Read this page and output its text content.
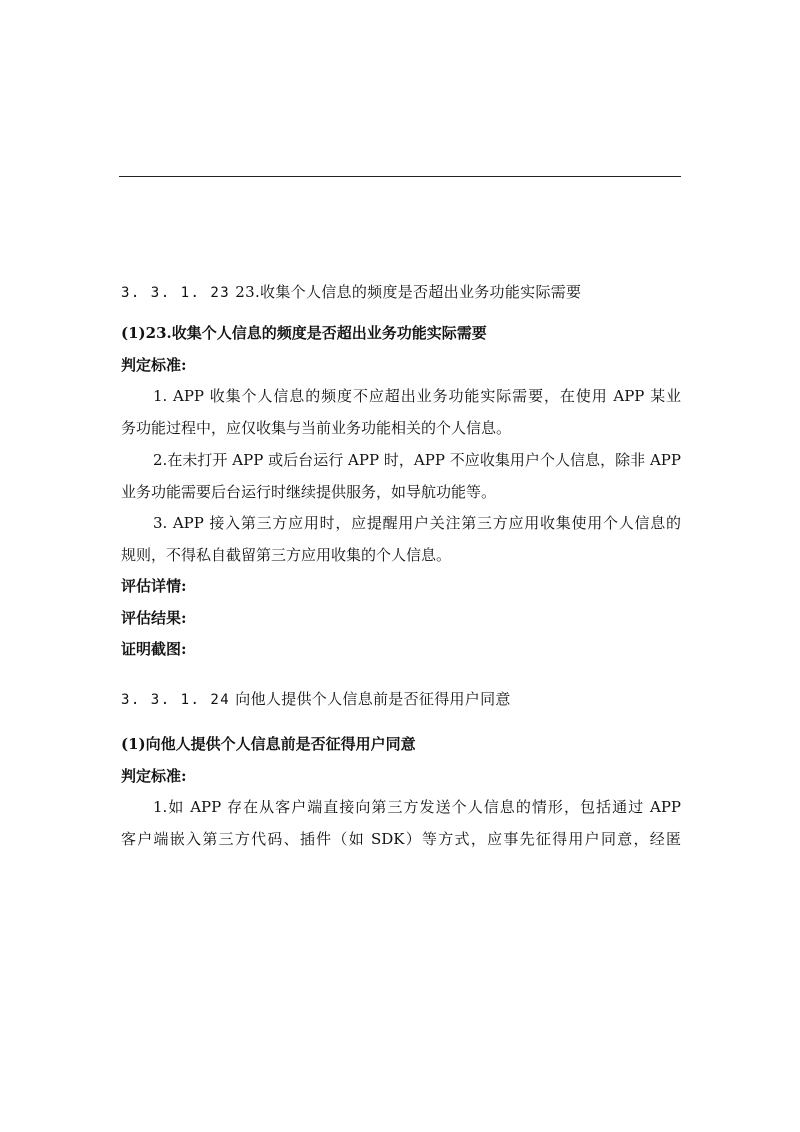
3. 3. 1. 23 23.收集个人信息的频度是否超出业务功能实际需要
(1)23.收集个人信息的频度是否超出业务功能实际需要
判定标准:
1. APP 收集个人信息的频度不应超出业务功能实际需要，在使用 APP 某业
务功能过程中，应仅收集与当前业务功能相关的个人信息。
2.在未打开 APP 或后台运行 APP 时，APP 不应收集用户个人信息，除非 APP
业务功能需要后台运行时继续提供服务，如导航功能等。
3. APP 接入第三方应用时，应提醒用户关注第三方应用收集使用个人信息的
规则，不得私自截留第三方应用收集的个人信息。
评估详情:
评估结果:
证明截图:
3. 3. 1. 24 向他人提供个人信息前是否征得用户同意
(1)向他人提供个人信息前是否征得用户同意
判定标准:
1.如 APP 存在从客户端直接向第三方发送个人信息的情形，包括通过 APP
客户端嵌入第三方代码、插件（如 SDK）等方式，应事先征得用户同意，经匿
